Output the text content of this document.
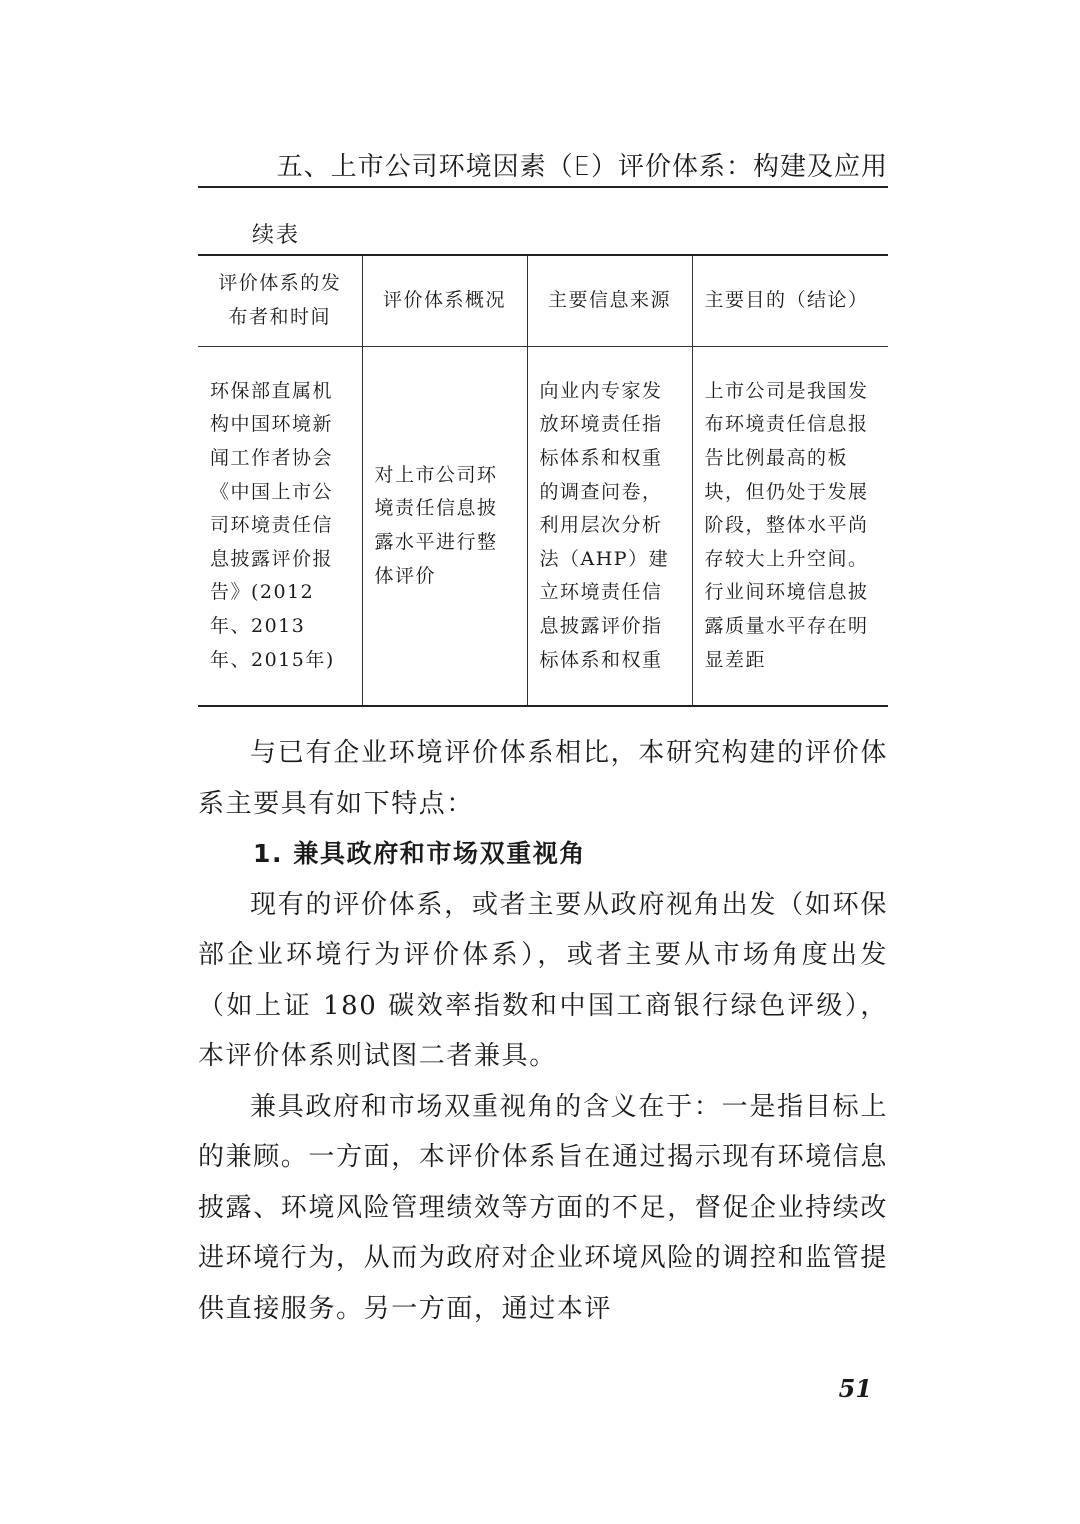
五、上市公司环境因素（E）评价体系：构建及应用
续表
评价体系的发布者和时间	评价体系概况	主要信息来源	主要目的（结论）
环保部直属机构中国环境新闻工作者协会《中国上市公司环境责任信息披露评价报告》(2012 年、2013 年、2015年)	对上市公司环境责任信息披露水平进行整体评价	向业内专家发放环境责任指标体系和权重的调查问卷，利用层次分析法（AHP）建立环境责任信息披露评价指标体系和权重	上市公司是我国发布环境责任信息报告比例最高的板块，但仍处于发展阶段，整体水平尚存较大上升空间。行业间环境信息披露质量水平存在明显差距

与已有企业环境评价体系相比，本研究构建的评价体系主要具有如下特点：

1. 兼具政府和市场双重视角

现有的评价体系，或者主要从政府视角出发（如环保部企业环境行为评价体系），或者主要从市场角度出发（如上证 180 碳效率指数和中国工商银行绿色评级），本评价体系则试图二者兼具。

兼具政府和市场双重视角的含义在于：一是指目标上的兼顾。一方面，本评价体系旨在通过揭示现有环境信息披露、环境风险管理绩效等方面的不足，督促企业持续改进环境行为，从而为政府对企业环境风险的调控和监管提供直接服务。另一方面，通过本评

51
